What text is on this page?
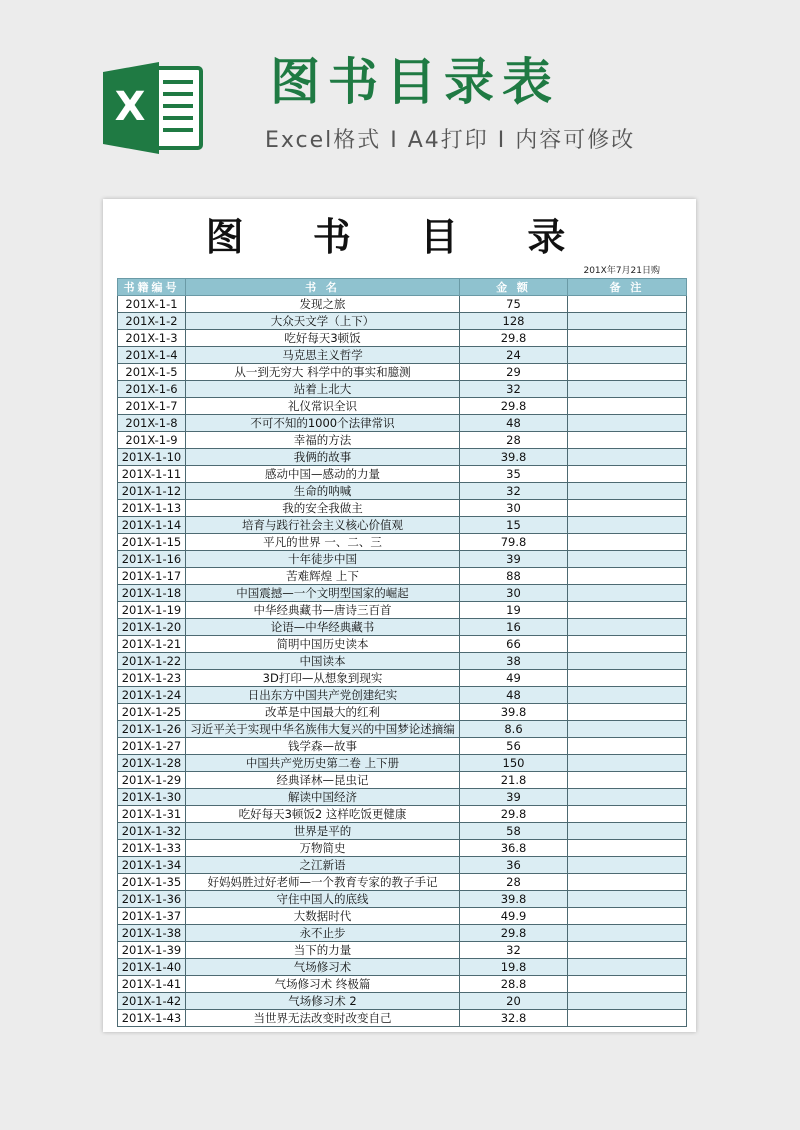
X 图书目录表
Excel格式 I A4打印 I 内容可修改
图 书 目 录
201X年7月21日购
书籍编号	书 名	金 额	备 注
201X-1-1	发现之旅	75	
201X-1-2	大众天文学（上下）	128	
201X-1-3	吃好每天3顿饭	29.8	
201X-1-4	马克思主义哲学	24	
201X-1-5	从一到无穷大 科学中的事实和臆测	29	
201X-1-6	站着上北大	32	
201X-1-7	礼仪常识全识	29.8	
201X-1-8	不可不知的1000个法律常识	48	
201X-1-9	幸福的方法	28	
201X-1-10	我俩的故事	39.8	
201X-1-11	感动中国—感动的力量	35	
201X-1-12	生命的呐喊	32	
201X-1-13	我的安全我做主	30	
201X-1-14	培育与践行社会主义核心价值观	15	
201X-1-15	平凡的世界 一、二、三	79.8	
201X-1-16	十年徒步中国	39	
201X-1-17	苦难辉煌 上下	88	
201X-1-18	中国震撼—一个文明型国家的崛起	30	
201X-1-19	中华经典藏书—唐诗三百首	19	
201X-1-20	论语—中华经典藏书	16	
201X-1-21	简明中国历史读本	66	
201X-1-22	中国读本	38	
201X-1-23	3D打印—从想象到现实	49	
201X-1-24	日出东方中国共产党创建纪实	48	
201X-1-25	改革是中国最大的红利	39.8	
201X-1-26	习近平关于实现中华名族伟大复兴的中国梦论述摘编	8.6	
201X-1-27	钱学森—故事	56	
201X-1-28	中国共产党历史第二卷 上下册	150	
201X-1-29	经典译林—昆虫记	21.8	
201X-1-30	解读中国经济	39	
201X-1-31	吃好每天3顿饭2 这样吃饭更健康	29.8	
201X-1-32	世界是平的	58	
201X-1-33	万物简史	36.8	
201X-1-34	之江新语	36	
201X-1-35	好妈妈胜过好老师—一个教育专家的教子手记	28	
201X-1-36	守住中国人的底线	39.8	
201X-1-37	大数据时代	49.9	
201X-1-38	永不止步	29.8	
201X-1-39	当下的力量	32	
201X-1-40	气场修习术	19.8	
201X-1-41	气场修习术 终极篇	28.8	
201X-1-42	气场修习术 2	20	
201X-1-43	当世界无法改变时改变自己	32.8	
